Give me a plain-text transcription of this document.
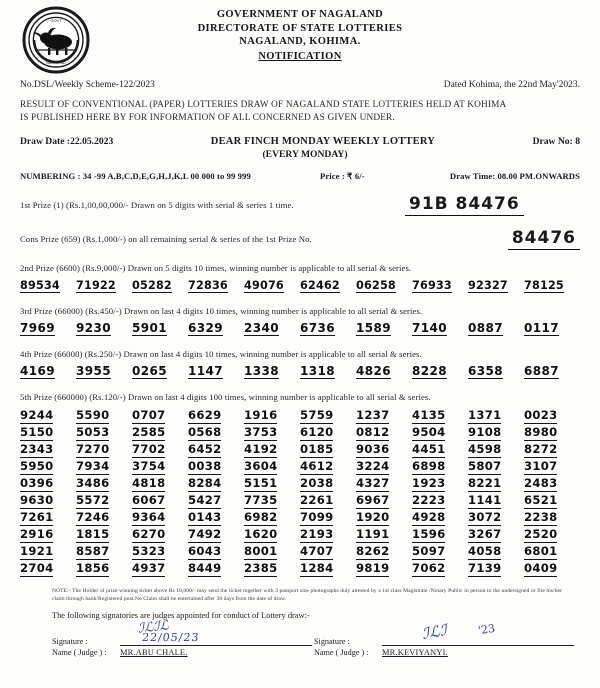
GOVT
NAGALAND
GOVERNMENT OF NAGALAND
DIRECTORATE OF STATE LOTTERIES
NAGALAND, KOHIMA.
NOTIFICATION
No.DSL/Weekly Scheme-122/2023	Dated Kohima, the 22nd May'2023.
RESULT OF CONVENTIONAL (PAPER) LOTTERIES DRAW OF NAGALAND STATE LOTTERIES HELD AT KOHIMA
IS PUBLISHED HERE BY FOR INFORMATION OF ALL CONCERNED AS GIVEN UNDER.
Draw Date :22.05.2023	DEAR FINCH MONDAY WEEKLY LOTTERY	Draw No: 8
(EVERY MONDAY)
NUMBERING : 34 -99 A,B,C,D,E,G,H,J,K,L 00 000 to 99 999	Price : ₹ 6/-	Draw Time: 08.00 PM.ONWARDS
1st Prize (1) (Rs.1,00,00,000/- Drawn on 5 digits with serial & series 1 time.	91B 84476
Cons Prize (659) (Rs.1,000/-) on all remaining serial & series of the 1st Prize No.	84476
2nd Prize (6600) (Rs.9,000/-) Drawn on 5 digits 10 times, winning number is applicable to all serial & series.
89534 71922 05282 72836 49076 62462 06258 76933 92327 78125
3rd Prize (66000) (Rs.450/-) Drawn on last 4 digits 10 times, winning number is applicable to all serial & series.
7969 9230 5901 6329 2340 6736 1589 7140 0887 0117
4th Prize (66000) (Rs.250/-) Drawn on last 4 digits 10 times, winning number is applicable to all serial & series.
4169 3955 0265 1147 1338 1318 4826 8228 6358 6887
5th Prize (660000) (Rs.120/-) Drawn on last 4 digits 100 times, winning number is applicable to all serial & series.
9244 5590 0707 6629 1916 5759 1237 4135 1371 0023
5150 5053 2585 0568 3753 6120 0812 9504 9108 8980
2343 7270 7702 6452 4192 0185 9036 4451 4598 8272
5950 7934 3754 0038 3604 4612 3224 6898 5807 3107
0396 3486 4818 8284 5151 2038 4327 1923 8221 2483
9630 5572 6067 5427 7735 2261 6967 2223 1141 6521
7261 7246 9364 0143 6982 7099 1920 4928 3072 2238
2916 1815 6270 7492 1620 2193 1191 1596 3267 2520
1921 8587 5323 6043 8001 4707 8262 5097 4058 6801
2704 1856 4937 8449 2385 1284 9819 7062 7139 0409
NOTE:- The Holder of prize winning ticket above Rs 10,000/- may send the ticket together with 3 passport size photographs duly attested by a 1st class Magistrate /Notary Public in person to the undersigned or file his/her claim through bank/Registered post.No Claim shall be entertained after 30 days from the date of draw.
The following signatories are judges appointed for conduct of Lottery draw:-
Signature :
ℐℒℐℒ
22/05/23
Name ( Judge ) :	MR.ABU CHALE.
Signature :	ℐℒℐ	'23
Name ( Judge ) :	MR.KEVIYANYI.
